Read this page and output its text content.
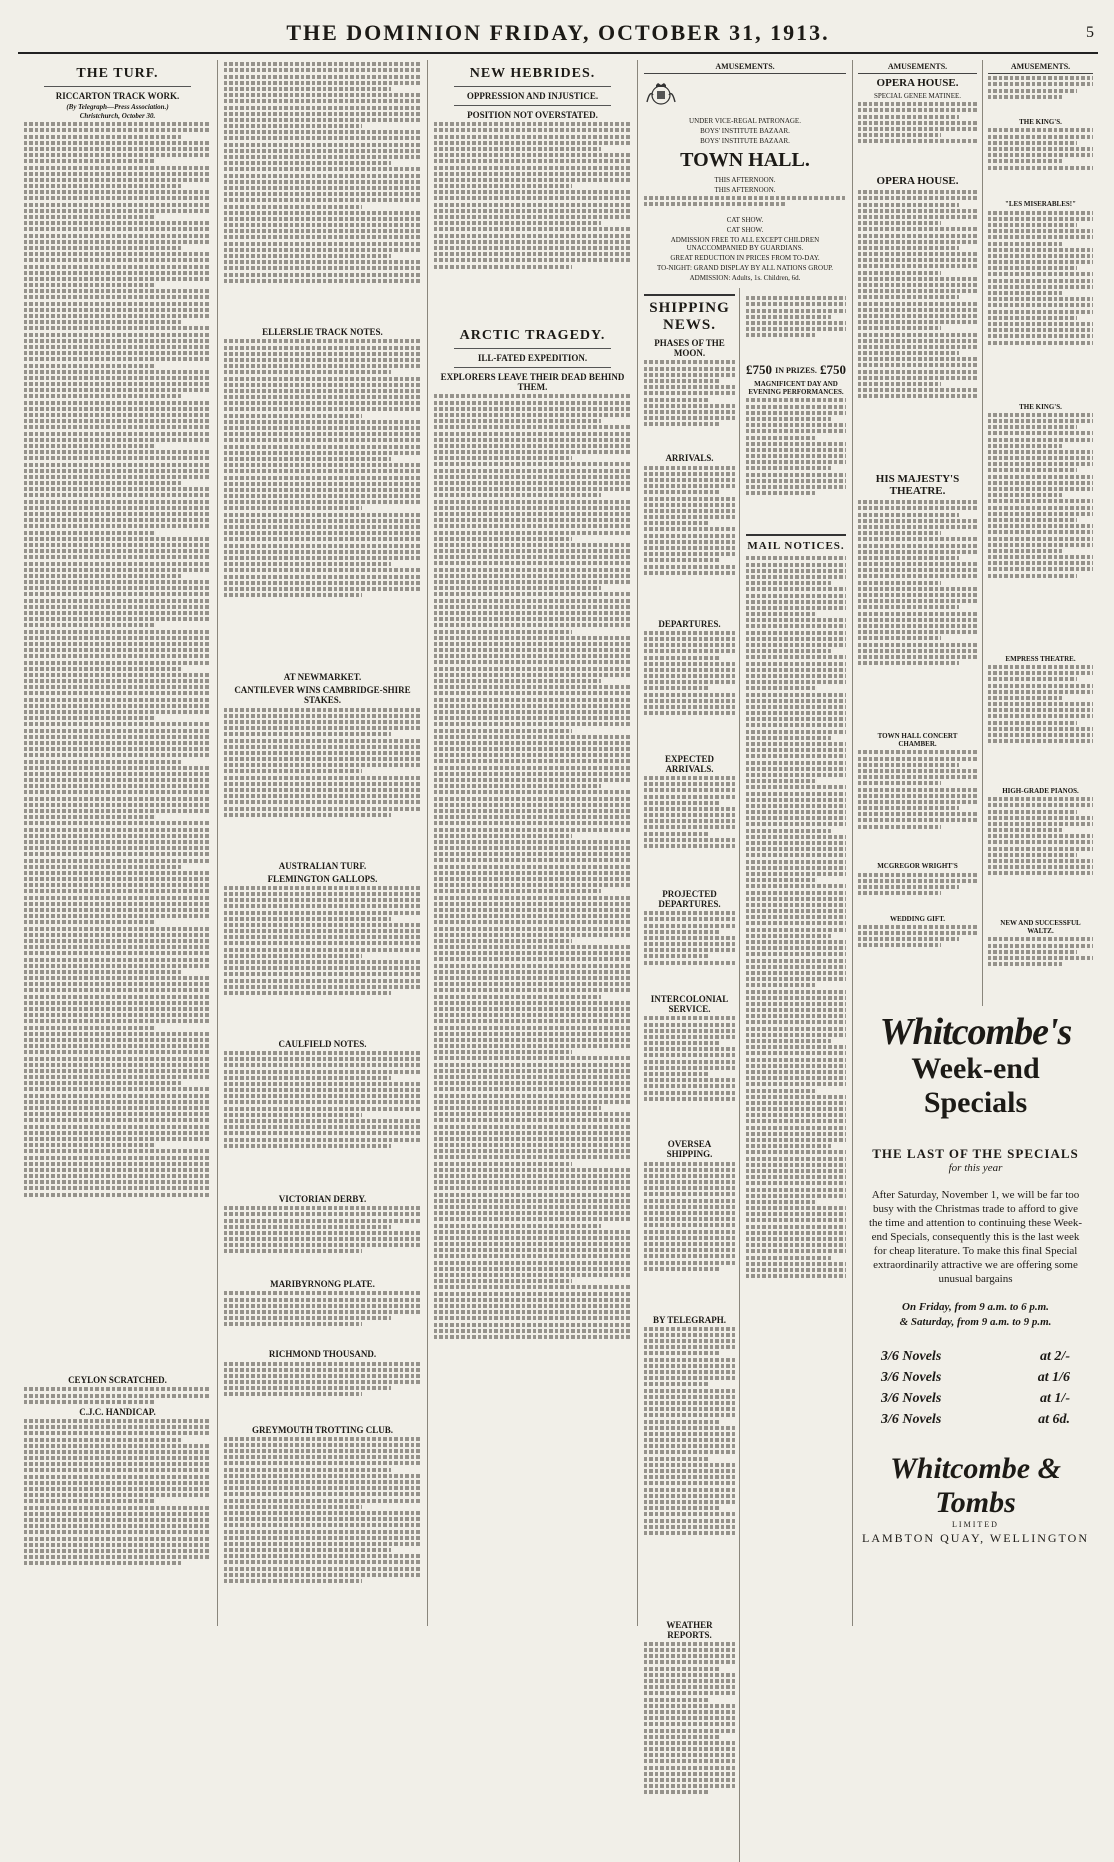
THE DOMINION FRIDAY, OCTOBER 31, 1913.	5
THE TURF.
RICCARTON TRACK WORK.
(By Telegraph—Press Association.)
Christchurch, October 30.
CEYLON SCRATCHED.
C.J.C. HANDICAP.
ELLERSLIE TRACK NOTES.
AT NEWMARKET.
CANTILEVER WINS CAMBRIDGE-SHIRE STAKES.
AUSTRALIAN TURF.
FLEMINGTON GALLOPS.
CAULFIELD NOTES.
VICTORIAN DERBY.
MARIBYRNONG PLATE.
RICHMOND THOUSAND.
GREYMOUTH TROTTING CLUB.
NEW HEBRIDES.
OPPRESSION AND INJUSTICE.
POSITION NOT OVERSTATED.
ARCTIC TRAGEDY.
ILL-FATED EXPEDITION.
EXPLORERS LEAVE THEIR DEAD BEHIND THEM.
AMUSEMENTS.
UNDER VICE-REGAL PATRONAGE.
BOYS' INSTITUTE BAZAAR.
BOYS' INSTITUTE BAZAAR.
TOWN HALL.
THIS AFTERNOON.
THIS AFTERNOON.
CAT SHOW.
CAT SHOW.
ADMISSION FREE TO ALL EXCEPT CHILDREN UNACCOMPANIED BY GUARDIANS.
GREAT REDUCTION IN PRICES FROM TO-DAY.
TO-NIGHT: GRAND DISPLAY BY ALL NATIONS GROUP.
ADMISSION: Adults, 1s. Children, 6d.
SHIPPING NEWS.
PHASES OF THE MOON.
ARRIVALS.
DEPARTURES.
EXPECTED ARRIVALS.
PROJECTED DEPARTURES.
INTERCOLONIAL SERVICE.
OVERSEA SHIPPING.
BY TELEGRAPH.
WEATHER REPORTS.
£750 IN PRIZES. £750
MAGNIFICENT DAY AND EVENING PERFORMANCES.
MAIL NOTICES.
AMUSEMENTS.
OPERA HOUSE.
SPECIAL GENEE MATINEE.
OPERA HOUSE.
HIS MAJESTY'S THEATRE.
TOWN HALL CONCERT CHAMBER.
MCGREGOR WRIGHT'S
WEDDING GIFT.
AMUSEMENTS.
THE KING'S.
"LES MISERABLES!"
THE KING'S.
EMPRESS THEATRE.
HIGH-GRADE PIANOS.
NEW AND SUCCESSFUL WALTZ.
Whitcombe's
Week-end Specials
THE LAST OF THE SPECIALS
for this year
After Saturday, November 1, we will be far too busy with the Christmas trade to afford to give the time and attention to continuing these Week-end Specials, consequently this is the last week for cheap literature. To make this final Special extraordinarily attractive we are offering some unusual bargains
On Friday, from 9 a.m. to 6 p.m.
& Saturday, from 9 a.m. to 9 p.m.
3/6 Novels	at 2/-
3/6 Novels	at 1/6
3/6 Novels	at 1/-
3/6 Novels	at 6d.
Whitcombe & Tombs
LIMITED
LAMBTON QUAY, WELLINGTON
